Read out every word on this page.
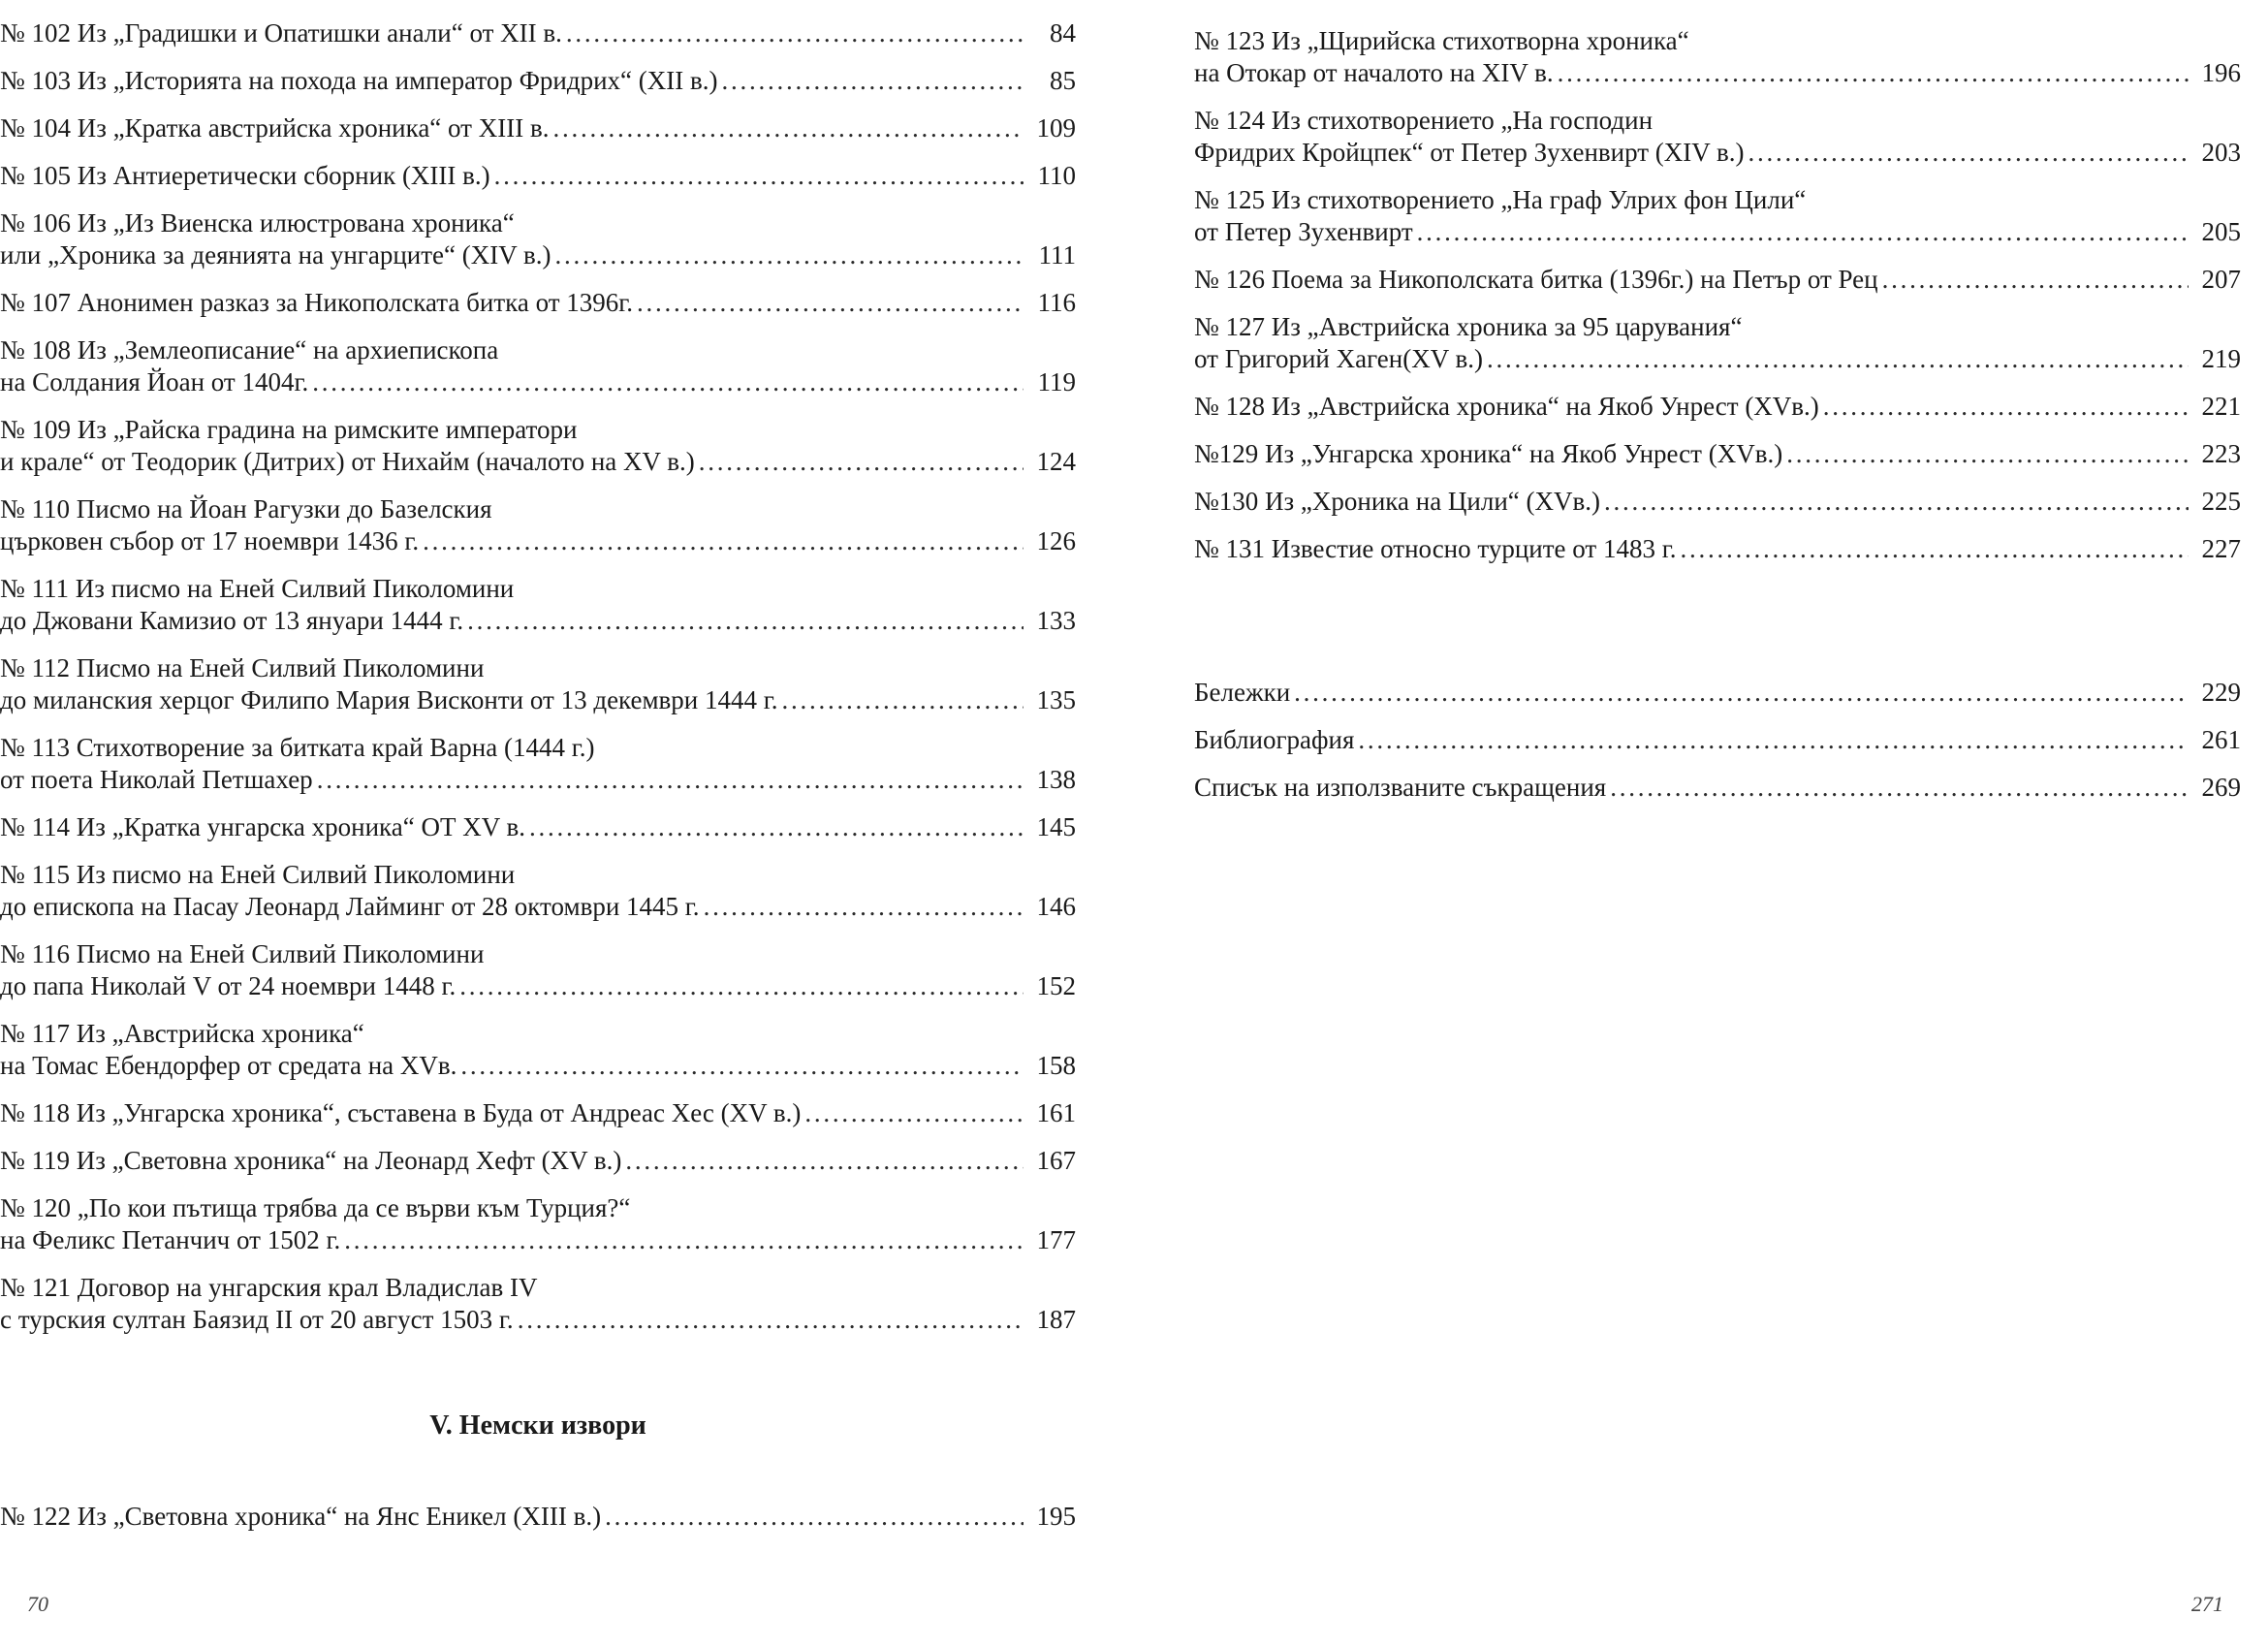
№ 102 Из „Градишки и Опатишки анали“ от XII в. . . .	84
№ 103 Из „Историята на похода на император Фридрих“ (XII в.) . . .	85
№ 104 Из „Кратка австрийска хроника“ от XIII в. . . .	109
№ 105 Из Антиеретически сборник (XIII в.) . . .	110
№ 106 Из „Из Виенска илюстрована хроника“
или „Хроника за деянията на унгарците“ (XIV в.) . . .	111
№ 107 Анонимен разказ за Никополската битка от 1396г. . . .	116
№ 108 Из „Землеописание“ на архиепископа
на Солдания Йоан от 1404г. . . .	119
№ 109 Из „Райска градина на римските императори
и крале“ от Теодорик (Дитрих) от Нихайм (началото на XV в.) . . .	124
№ 110 Писмо на Йоан Рагузки до Базелския
църковен събор от 17 ноември 1436 г. . . .	126
№ 111 Из писмо на Еней Силвий Пиколомини
до Джовани Камизио от 13 януари 1444 г. . . .	133
№ 112 Писмо на Еней Силвий Пиколомини
до миланския херцог Филипо Мария Висконти от 13 декември 1444 г. . . .	135
№ 113 Стихотворение за битката край Варна (1444 г.)
от поета Николай Петшахер . . .	138
№ 114 Из „Кратка унгарска хроника“ ОТ XV в. . . .	145
№ 115 Из писмо на Еней Силвий Пиколомини
до епископа на Пасау Леонард Лайминг от 28 октомври 1445 г. . . .	146
№ 116 Писмо на Еней Силвий Пиколомини
до папа Николай V от 24 ноември 1448 г. . . .	152
№ 117 Из „Австрийска хроника“
на Томас Ебендорфер от средата на XVв. . . .	158
№ 118 Из „Унгарска хроника“, съставена в Буда от Андреас Хес (XV в.) . . .	161
№ 119 Из „Световна хроника“ на Леонард Хефт (XV в.) . . .	167
№ 120 „По кои пътища трябва да се върви към Турция?“
на Феликс Петанчич от 1502 г. . . .	177
№ 121 Договор на унгарския крал Владислав IV
с турския султан Баязид II от 20 август 1503 г. . . .	187
V. Немски извори
№ 122 Из „Световна хроника“ на Янс Еникел (XIII в.) . . .	195
70
№ 123 Из „Щирийска стихотворна хроника“
на Отокар от началото на XIV в. . . .	196
№ 124 Из стихотворението „На господин
Фридрих Кройцпек“ от Петер Зухенвирт (XIV в.) . . .	203
№ 125 Из стихотворението „На граф Улрих фон Цили“
от Петер Зухенвирт . . .	205
№ 126 Поема за Никополската битка (1396г.) на Петър от Рец . . .	207
№ 127 Из „Австрийска хроника за 95 царувания“
от Григорий Хаген(XV в.) . . .	219
№ 128 Из „Австрийска хроника“ на Якоб Унрест (XVв.) . . .	221
№129 Из „Унгарска хроника“ на Якоб Унрест (XVв.) . . .	223
№130 Из „Хроника на Цили“ (XVв.) . . .	225
№ 131 Известие относно турците от 1483 г. . . .	227
Бележки . . .	229
Библиография . . .	261
Списък на използваните съкращения . . .	269
271
